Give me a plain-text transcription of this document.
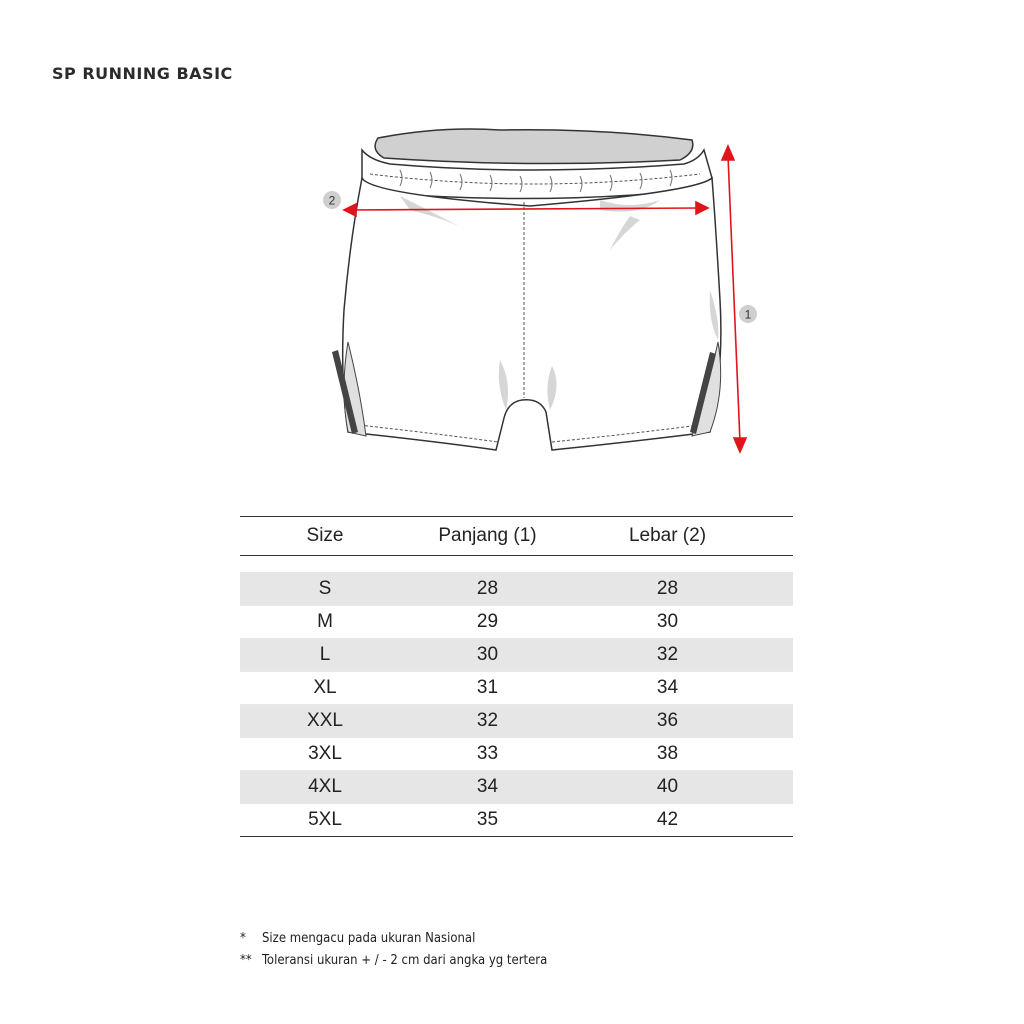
SP RUNNING BASIC
2
1
Size	Panjang (1)	Lebar (2)
S	28	28
M	29	30
L	30	32
XL	31	34
XXL	32	36
3XL	33	38
4XL	34	40
5XL	35	42
*	Size mengacu pada ukuran Nasional
** Toleransi ukuran + / - 2 cm dari angka yg tertera
